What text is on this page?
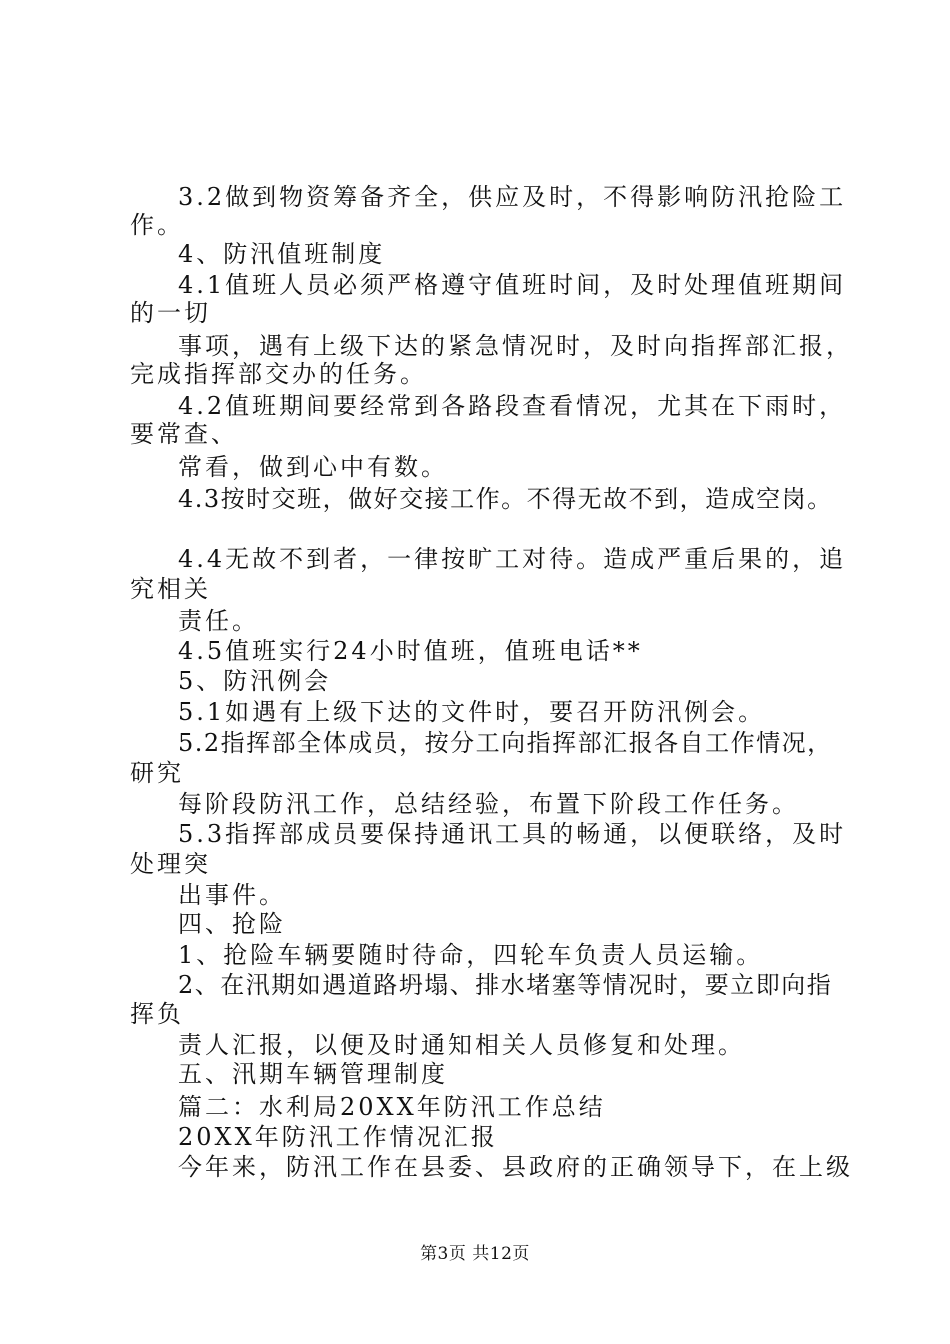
3.2做到物资筹备齐全，供应及时，不得影响防汛抢险工
作。
4、防汛值班制度
4.1值班人员必须严格遵守值班时间，及时处理值班期间
的一切
事项，遇有上级下达的紧急情况时，及时向指挥部汇报，
完成指挥部交办的任务。
4.2值班期间要经常到各路段查看情况，尤其在下雨时，
要常查、
常看，做到心中有数。
4.3按时交班，做好交接工作。不得无故不到，造成空岗。
4.4无故不到者，一律按旷工对待。造成严重后果的，追
究相关
责任。
4.5值班实行24小时值班，值班电话**
5、防汛例会
5.1如遇有上级下达的文件时，要召开防汛例会。
5.2指挥部全体成员，按分工向指挥部汇报各自工作情况，
研究
每阶段防汛工作，总结经验，布置下阶段工作任务。
5.3指挥部成员要保持通讯工具的畅通，以便联络，及时
处理突
出事件。
四、抢险
1、抢险车辆要随时待命，四轮车负责人员运输。
2、在汛期如遇道路坍塌、排水堵塞等情况时，要立即向指
挥负
责人汇报，以便及时通知相关人员修复和处理。
五、汛期车辆管理制度
篇二：水利局20XX年防汛工作总结
20XX年防汛工作情况汇报
今年来，防汛工作在县委、县政府的正确领导下，在上级
第3页 共12页
